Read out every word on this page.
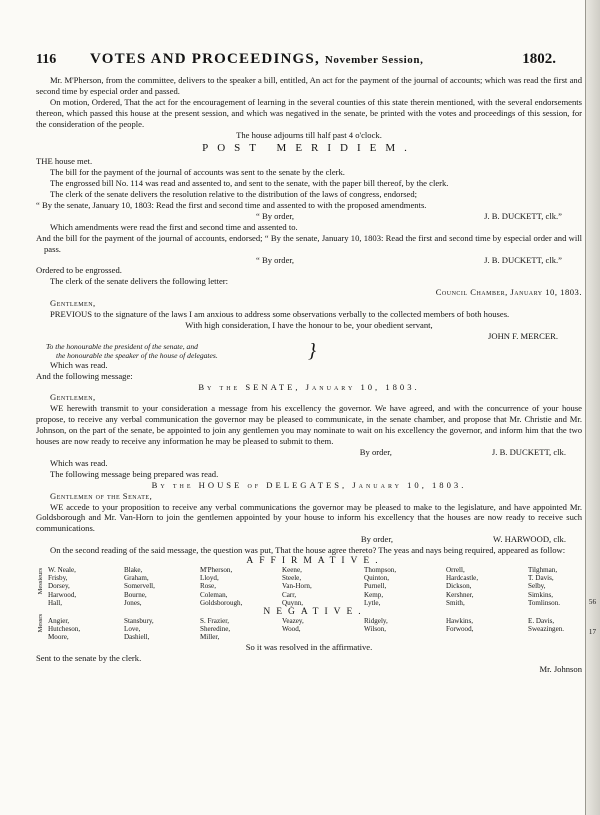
116 VOTES AND PROCEEDINGS, November Session,	1802.

Mr. M'Pherson, from the committee, delivers to the speaker a bill, entitled, An act for the payment of the journal of accounts; which was read the first and second time by especial order and passed.

On motion, Ordered, That the act for the encouragement of learning in the several counties of this state therein mentioned, with the several endorsements thereon, which passed this house at the present session, and which was negatived in the senate, be printed with the votes and proceedings of this session, for the consideration of the people.

The house adjourns till half past 4 o'clock.

POST MERIDIEM.

THE house met.

The bill for the payment of the journal of accounts was sent to the senate by the clerk.

The engrossed bill No. 114 was read and assented to, and sent to the senate, with the paper bill thereof, by the clerk.

The clerk of the senate delivers the resolution relative to the distribution of the laws of congress, endorsed;

“ By the senate, January 10, 1803: Read the first and second time and assented to with the proposed amendments.

“ By order,	J. B. DUCKETT, clk.”

Which amendments were read the first and second time and assented to.

And the bill for the payment of the journal of accounts, endorsed; “ By the senate, January 10, 1803: Read the first and second time by especial order and will pass.

“ By order,	J. B. DUCKETT, clk.”

Ordered to be engrossed.

The clerk of the senate delivers the following letter:

Council Chamber, January 10, 1803.

Gentlemen,

PREVIOUS to the signature of the laws I am anxious to address some observations verbally to the collected members of both houses.

With high consideration, I have the honour to be, your obedient servant,

JOHN F. MERCER.

To the honourable the president of the senate, and
the honourable the speaker of the house of delegates.	}

Which was read.

And the following message:

By the SENATE, January 10, 1803.

Gentlemen,

WE herewith transmit to your consideration a message from his excellency the governor. We have agreed, and with the concurrence of your house propose, to receive any verbal communication the governor may be pleased to communicate, in the senate chamber, and propose that Mr. Christie and Mr. Johnson, on the part of the senate, be appointed to join any gentlemen you may nominate to wait on his excellency the governor, and inform him that the two houses are now ready to receive any information he may be pleased to submit to them.

By order,	J. B. DUCKETT, clk.

Which was read.

The following message being prepared was read.

By the HOUSE of DELEGATES, January 10, 1803.

Gentlemen of the Senate,

WE accede to your proposition to receive any verbal communications the governor may be pleased to make to the legislature, and have appointed Mr. Goldsborough and Mr. Van-Horn to join the gentlemen appointed by your house to inform his excellency that the houses are now ready to receive such communications.

By order,	W. HARWOOD, clk.

On the second reading of the said message, the question was put, That the house agree thereto? The yeas and nays being required, appeared as follow:

AFFIRMATIVE.
Messieurs
56
W. Neale,	Blake,	M'Pherson,	Keene,	Thompson,	Orrell,	Tilghman,
Frisby,	Graham,	Lloyd,	Steele,	Quinton,	Hardcastle,	T. Davis,
Dorsey,	Somervell,	Rose,	Van-Horn,	Purnell,	Dickson,	Selby,
Harwood,	Bourne,	Coleman,	Carr,	Kemp,	Kershner,	Simkins,
Hall,	Jones,	Goldsborough,	Quynn,	Lytle,	Smith,	Tomlinson.
NEGATIVE.
Messrs	17
Angier,	Stansbury,	S. Frazier,	Veazey,	Ridgely,	Hawkins,	E. Davis,
Hutcheson,	Love,	Sheredine,	Wood,	Wilson,	Forwood,	Sweazingen.
Moore,	Dashiell,	Miller,

So it was resolved in the affirmative.

Sent to the senate by the clerk.

Mr. Johnson
